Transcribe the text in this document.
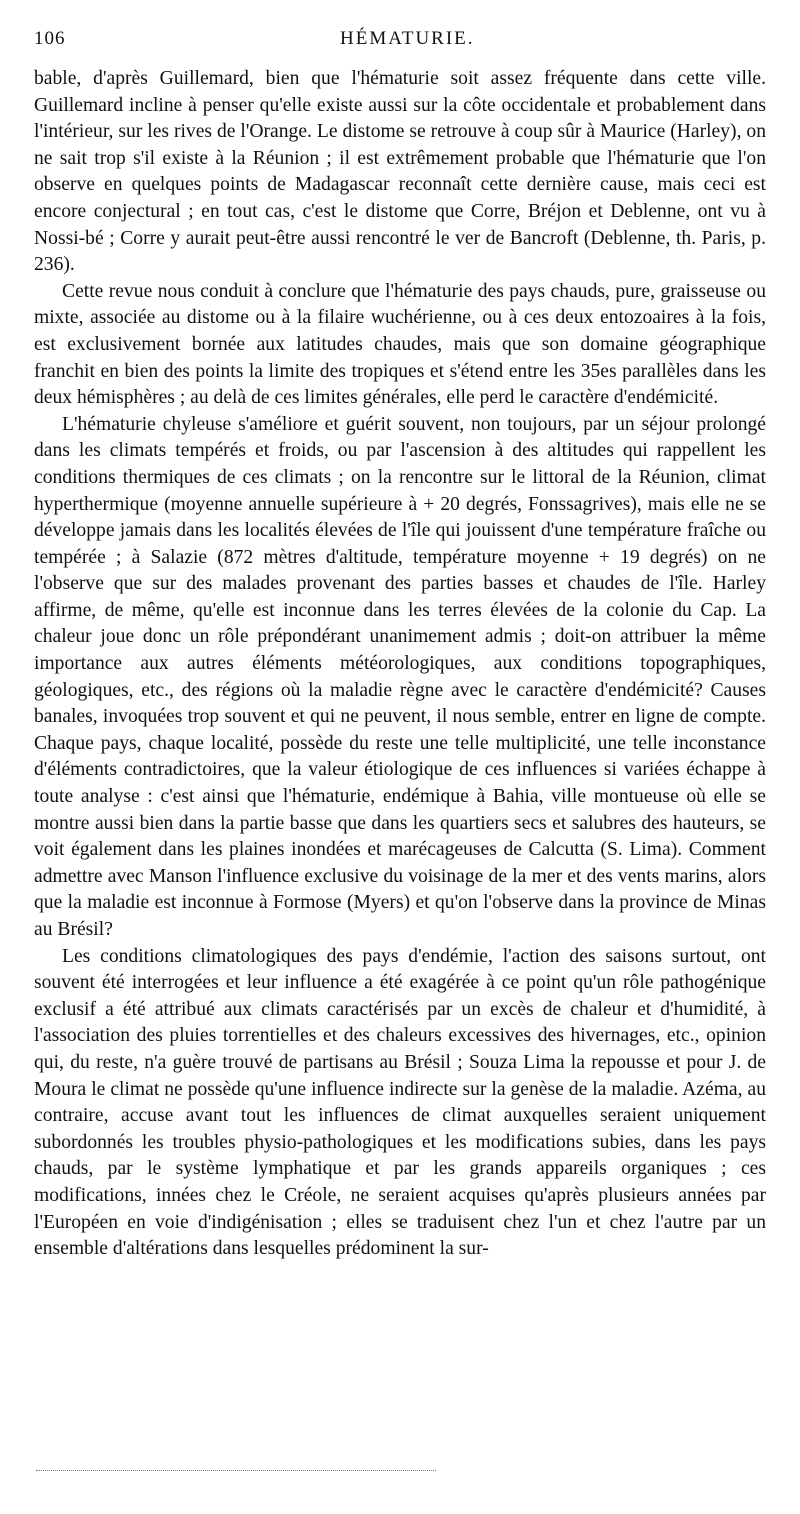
106	HÉMATURIE.

bable, d'après Guillemard, bien que l'hématurie soit assez fréquente dans cette ville. Guillemard incline à penser qu'elle existe aussi sur la côte occidentale et probablement dans l'intérieur, sur les rives de l'Orange. Le distome se retrouve à coup sûr à Maurice (Harley), on ne sait trop s'il existe à la Réunion ; il est extrêmement probable que l'hématurie que l'on observe en quelques points de Madagascar reconnaît cette dernière cause, mais ceci est encore conjectural ; en tout cas, c'est le distome que Corre, Bréjon et Deblenne, ont vu à Nossi-bé ; Corre y aurait peut-être aussi rencontré le ver de Bancroft (Deblenne, th. Paris, p. 236).

Cette revue nous conduit à conclure que l'hématurie des pays chauds, pure, graisseuse ou mixte, associée au distome ou à la filaire wuchérienne, ou à ces deux entozoaires à la fois, est exclusivement bornée aux latitudes chaudes, mais que son domaine géographique franchit en bien des points la limite des tropiques et s'étend entre les 35es parallèles dans les deux hémisphères ; au delà de ces limites générales, elle perd le caractère d'endémicité.

L'hématurie chyleuse s'améliore et guérit souvent, non toujours, par un séjour prolongé dans les climats tempérés et froids, ou par l'ascension à des altitudes qui rappellent les conditions thermiques de ces climats ; on la rencontre sur le littoral de la Réunion, climat hyperthermique (moyenne annuelle supérieure à + 20 degrés, Fonssagrives), mais elle ne se développe jamais dans les localités élevées de l'île qui jouissent d'une température fraîche ou tempérée ; à Salazie (872 mètres d'altitude, température moyenne + 19 degrés) on ne l'observe que sur des malades provenant des parties basses et chaudes de l'île. Harley affirme, de même, qu'elle est inconnue dans les terres élevées de la colonie du Cap. La chaleur joue donc un rôle prépondérant unanimement admis ; doit-on attribuer la même importance aux autres éléments météorologiques, aux conditions topographiques, géologiques, etc., des régions où la maladie règne avec le caractère d'endémicité? Causes banales, invoquées trop souvent et qui ne peuvent, il nous semble, entrer en ligne de compte. Chaque pays, chaque localité, possède du reste une telle multiplicité, une telle inconstance d'éléments contradictoires, que la valeur étiologique de ces influences si variées échappe à toute analyse : c'est ainsi que l'hématurie, endémique à Bahia, ville montueuse où elle se montre aussi bien dans la partie basse que dans les quartiers secs et salubres des hauteurs, se voit également dans les plaines inondées et marécageuses de Calcutta (S. Lima). Comment admettre avec Manson l'influence exclusive du voisinage de la mer et des vents marins, alors que la maladie est inconnue à Formose (Myers) et qu'on l'observe dans la province de Minas au Brésil?

Les conditions climatologiques des pays d'endémie, l'action des saisons surtout, ont souvent été interrogées et leur influence a été exagérée à ce point qu'un rôle pathogénique exclusif a été attribué aux climats caractérisés par un excès de chaleur et d'humidité, à l'association des pluies torrentielles et des chaleurs excessives des hivernages, etc., opinion qui, du reste, n'a guère trouvé de partisans au Brésil ; Souza Lima la repousse et pour J. de Moura le climat ne possède qu'une influence indirecte sur la genèse de la maladie. Azéma, au contraire, accuse avant tout les influences de climat auxquelles seraient uniquement subordonnés les troubles physio-pathologiques et les modifications subies, dans les pays chauds, par le système lymphatique et par les grands appareils organiques ; ces modifications, innées chez le Créole, ne seraient acquises qu'après plusieurs années par l'Européen en voie d'indigénisation ; elles se traduisent chez l'un et chez l'autre par un ensemble d'altérations dans lesquelles prédominent la sur-
